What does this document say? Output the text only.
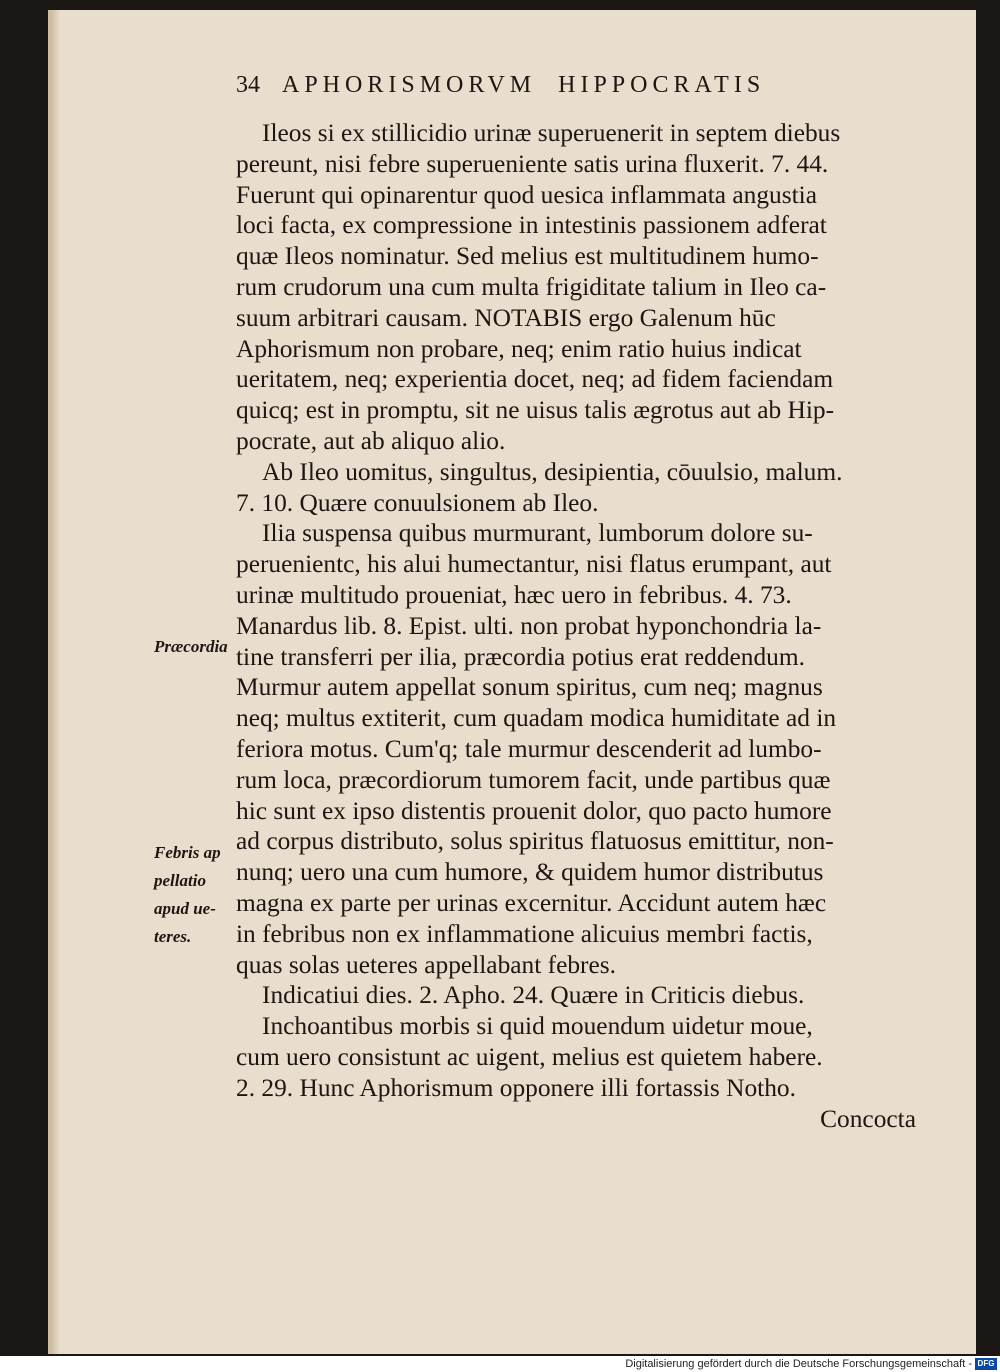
34 APHORISMORVM HIPPOCRATIS
Præcordia
Febris ap
pellatio
apud ue-
teres.
Ileos si ex stillicidio urinæ superuenerit in septem diebus
pereunt, nisi febre superueniente satis urina fluxerit. 7. 44.
Fuerunt qui opinarentur quod uesica inflammata angustia
loci facta, ex compressione in intestinis passionem adferat
quæ Ileos nominatur. Sed melius est multitudinem humo-
rum crudorum una cum multa frigiditate talium in Ileo ca-
suum arbitrari causam. NOTABIS ergo Galenum hūc
Aphorismum non probare, neq; enim ratio huius indicat
ueritatem, neq; experientia docet, neq; ad fidem faciendam
quicq; est in promptu, sit ne uisus talis ægrotus aut ab Hip-
pocrate, aut ab aliquo alio.
Ab Ileo uomitus, singultus, desipientia, cōuulsio, malum.
7. 10. Quære conuulsionem ab Ileo.
Ilia suspensa quibus murmurant, lumborum dolore su-
peruenientc, his alui humectantur, nisi flatus erumpant, aut
urinæ multitudo proueniat, hæc uero in febribus. 4. 73.
Manardus lib. 8. Epist. ulti. non probat hyponchondria la-
tine transferri per ilia, præcordia potius erat reddendum.
Murmur autem appellat sonum spiritus, cum neq; magnus
neq; multus extiterit, cum quadam modica humiditate ad in
feriora motus. Cum'q; tale murmur descenderit ad lumbo-
rum loca, præcordiorum tumorem facit, unde partibus quæ
hic sunt ex ipso distentis prouenit dolor, quo pacto humore
ad corpus distributo, solus spiritus flatuosus emittitur, non-
nunq; uero una cum humore, & quidem humor distributus
magna ex parte per urinas excernitur. Accidunt autem hæc
in febribus non ex inflammatione alicuius membri factis,
quas solas ueteres appellabant febres.
Indicatiui dies. 2. Apho. 24. Quære in Criticis diebus.
Inchoantibus morbis si quid mouendum uidetur moue,
cum uero consistunt ac uigent, melius est quietem habere.
2. 29. Hunc Aphorismum opponere illi fortassis Notho.
Concocta
Digitalisierung gefördert durch die Deutsche Forschungsgemeinschaft - DFG
